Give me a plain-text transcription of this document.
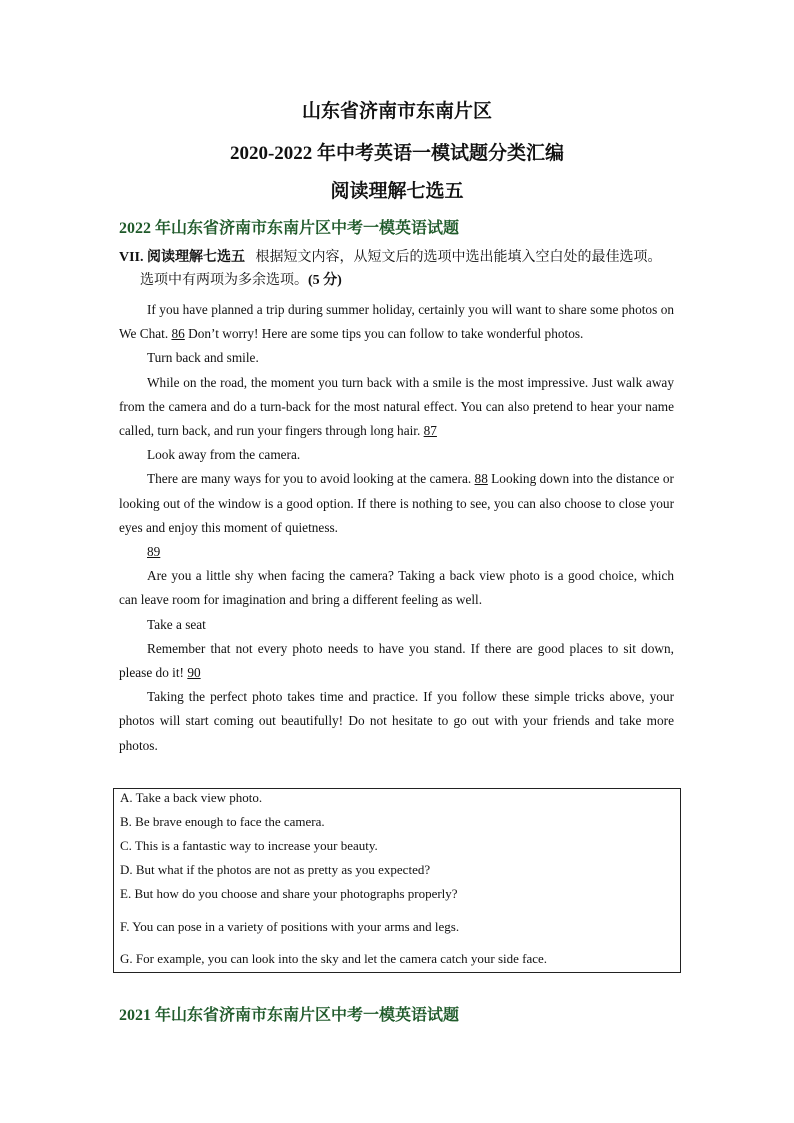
山东省济南市东南片区
2020-2022 年中考英语一模试题分类汇编
阅读理解七选五
2022 年山东省济南市东南片区中考一模英语试题
VII. 阅读理解七选五 根据短文内容，从短文后的选项中选出能填入空白处的最佳选项。
选项中有两项为多余选项。(5 分)

If you have planned a trip during summer holiday, certainly you will want to share some photos on We Chat. 86 Don’t worry! Here are some tips you can follow to take wonderful photos.

Turn back and smile.

While on the road, the moment you turn back with a smile is the most impressive. Just walk away from the camera and do a turn-back for the most natural effect. You can also pretend to hear your name called, turn back, and run your fingers through long hair. 87

Look away from the camera.

There are many ways for you to avoid looking at the camera. 88 Looking down into the distance or looking out of the window is a good option. If there is nothing to see, you can also choose to close your eyes and enjoy this moment of quietness.

89

Are you a little shy when facing the camera? Taking a back view photo is a good choice, which can leave room for imagination and bring a different feeling as well.

Take a seat

Remember that not every photo needs to have you stand. If there are good places to sit down, please do it! 90

Taking the perfect photo takes time and practice. If you follow these simple tricks above, your photos will start coming out beautifully! Do not hesitate to go out with your friends and take more photos.

A. Take a back view photo.

B. Be brave enough to face the camera.

C. This is a fantastic way to increase your beauty.

D. But what if the photos are not as pretty as you expected?

E. But how do you choose and share your photographs properly?

F. You can pose in a variety of positions with your arms and legs.

G. For example, you can look into the sky and let the camera catch your side face.

2021 年山东省济南市东南片区中考一模英语试题
